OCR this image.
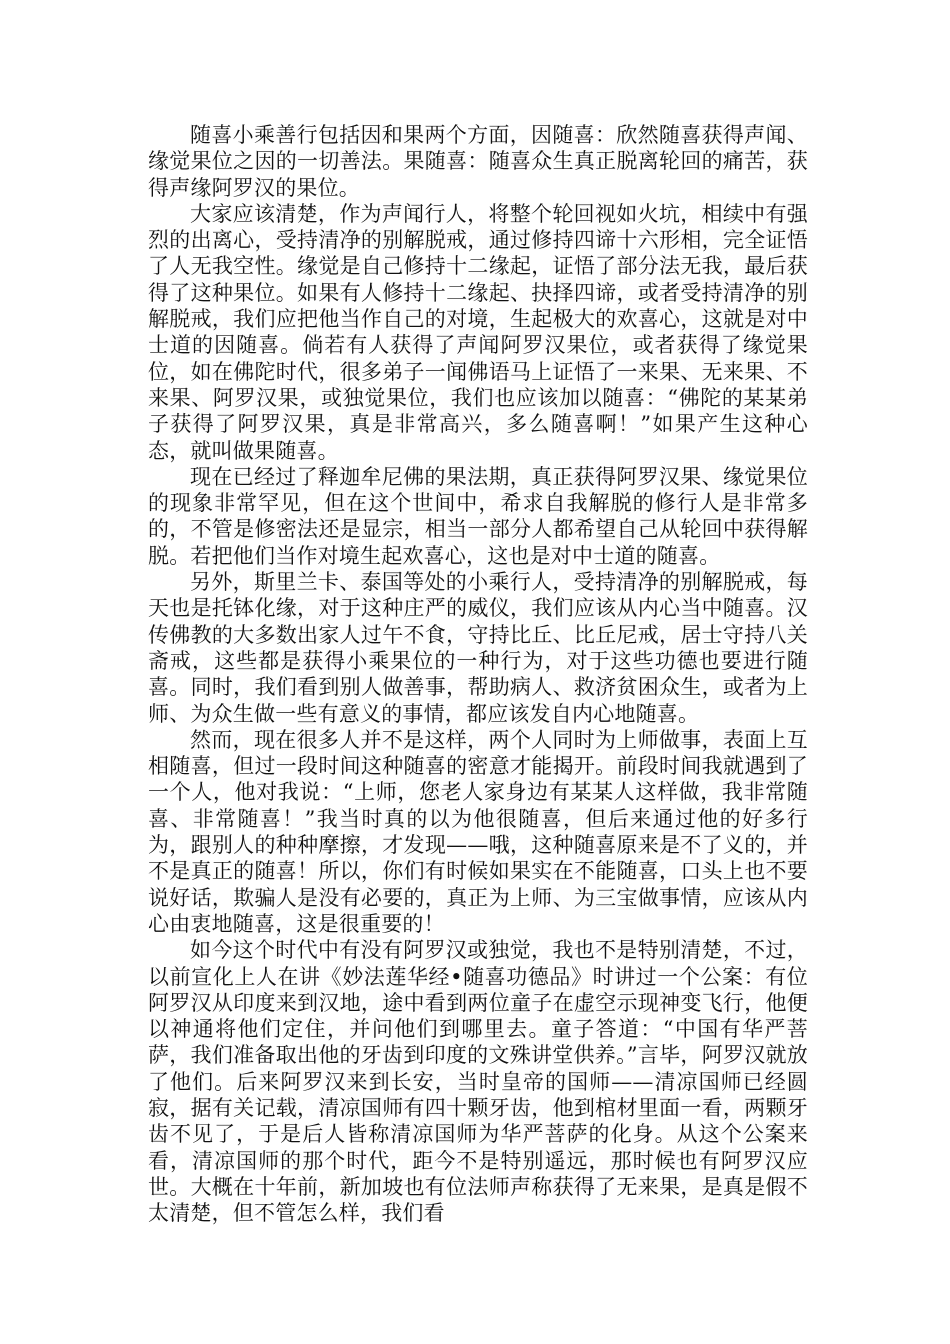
随喜小乘善行包括因和果两个方面，因随喜：欣然随喜获得声闻、缘觉果位之因的一切善法。果随喜：随喜众生真正脱离轮回的痛苦，获得声缘阿罗汉的果位。

大家应该清楚，作为声闻行人，将整个轮回视如火坑，相续中有强烈的出离心，受持清净的别解脱戒，通过修持四谛十六形相，完全证悟了人无我空性。缘觉是自己修持十二缘起，证悟了部分法无我，最后获得了这种果位。如果有人修持十二缘起、抉择四谛，或者受持清净的别解脱戒，我们应把他当作自己的对境，生起极大的欢喜心，这就是对中士道的因随喜。倘若有人获得了声闻阿罗汉果位，或者获得了缘觉果位，如在佛陀时代，很多弟子一闻佛语马上证悟了一来果、无来果、不来果、阿罗汉果，或独觉果位，我们也应该加以随喜：“佛陀的某某弟子获得了阿罗汉果，真是非常高兴，多么随喜啊！”如果产生这种心态，就叫做果随喜。

现在已经过了释迦牟尼佛的果法期，真正获得阿罗汉果、缘觉果位的现象非常罕见，但在这个世间中，希求自我解脱的修行人是非常多的，不管是修密法还是显宗，相当一部分人都希望自己从轮回中获得解脱。若把他们当作对境生起欢喜心，这也是对中士道的随喜。

另外，斯里兰卡、泰国等处的小乘行人，受持清净的别解脱戒，每天也是托钵化缘，对于这种庄严的威仪，我们应该从内心当中随喜。汉传佛教的大多数出家人过午不食，守持比丘、比丘尼戒，居士守持八关斋戒，这些都是获得小乘果位的一种行为，对于这些功德也要进行随喜。同时，我们看到别人做善事，帮助病人、救济贫困众生，或者为上师、为众生做一些有意义的事情，都应该发自内心地随喜。

然而，现在很多人并不是这样，两个人同时为上师做事，表面上互相随喜，但过一段时间这种随喜的密意才能揭开。前段时间我就遇到了一个人，他对我说：“上师，您老人家身边有某某人这样做，我非常随喜、非常随喜！”我当时真的以为他很随喜，但后来通过他的好多行为，跟别人的种种摩擦，才发现——哦，这种随喜原来是不了义的，并不是真正的随喜！所以，你们有时候如果实在不能随喜，口头上也不要说好话，欺骗人是没有必要的，真正为上师、为三宝做事情，应该从内心由衷地随喜，这是很重要的！

如今这个时代中有没有阿罗汉或独觉，我也不是特别清楚，不过，以前宣化上人在讲《妙法莲华经•随喜功德品》时讲过一个公案：有位阿罗汉从印度来到汉地，途中看到两位童子在虚空示现神变飞行，他便以神通将他们定住，并问他们到哪里去。童子答道：“中国有华严菩萨，我们准备取出他的牙齿到印度的文殊讲堂供养。”言毕，阿罗汉就放了他们。后来阿罗汉来到长安，当时皇帝的国师——清凉国师已经圆寂，据有关记载，清凉国师有四十颗牙齿，他到棺材里面一看，两颗牙齿不见了，于是后人皆称清凉国师为华严菩萨的化身。从这个公案来看，清凉国师的那个时代，距今不是特别遥远，那时候也有阿罗汉应世。大概在十年前，新加坡也有位法师声称获得了无来果，是真是假不太清楚，但不管怎么样，我们看
